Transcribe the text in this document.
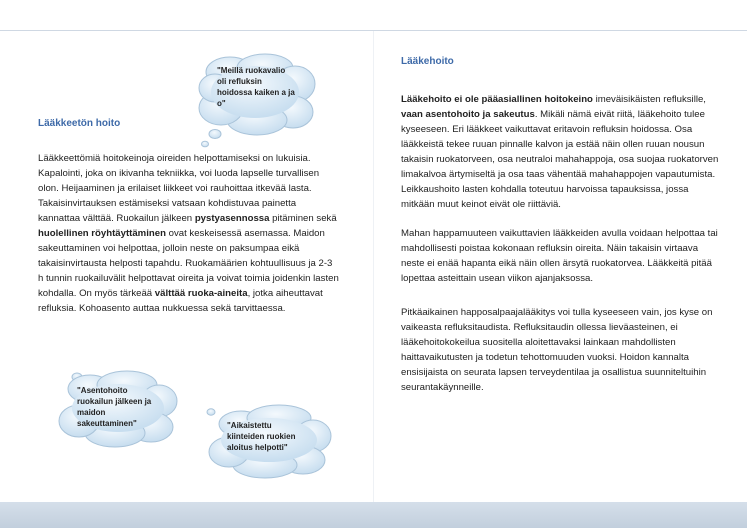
Lääkkeetön hoito

Lääkkeettömiä hoitokeinoja oireiden helpottamiseksi on lukuisia. Kapalointi, joka on ikivanha tekniikka, voi luoda lapselle turvallisen olon. Heijaaminen ja erilaiset liikkeet voi rauhoittaa itkevää lasta. Takaisinvirtauksen estämiseksi vatsaan kohdistuvaa painetta kannattaa välttää. Ruokailun jälkeen pystyasennossa pitäminen sekä huolellinen röyhtäyttäminen ovat keskeisessä asemassa. Maidon sakeuttaminen voi helpottaa, jolloin neste on paksumpaa eikä takaisinvirtausta helposti tapahdu. Ruokamäärien kohtuullisuus ja 2-3 h tunnin ruokailuvälit helpottavat oireita ja voivat toimia joidenkin lasten kohdalla. On myös tärkeää välttää ruoka-aineita, jotka aiheuttavat refluksia. Kohoasento auttaa nukkuessa sekä tarvittaessa.

"Meillä ruokavalio oli refluksin hoidossa kaiken a ja o"
"Asentohoito ruokailun jälkeen ja maidon sakeuttaminen"	"Aikaistettu kiinteiden ruokien aloitus helpotti"
Lääkehoito

Lääkehoito ei ole pääasiallinen hoitokeino imeväisikäisten refluksille, vaan asentohoito ja sakeutus. Mikäli nämä eivät riitä, lääkehoito tulee kyseeseen. Eri lääkkeet vaikuttavat eritavoin refluksin hoidossa. Osa lääkkeistä tekee ruuan pinnalle kalvon ja estää näin ollen ruuan nousun takaisin ruokatorveen, osa neutraloi mahahappoja, osa suojaa ruokatorven limakalvoa ärtymiseltä ja osa taas vähentää mahahappojen vapautumista. Leikkaushoito lasten kohdalla toteutuu harvoissa tapauksissa, jossa mitkään muut keinot eivät ole riittäviä.

Mahan happamuuteen vaikuttavien lääkkeiden avulla voidaan helpottaa tai mahdollisesti poistaa kokonaan refluksin oireita. Näin takaisin virtaava neste ei enää hapanta eikä näin ollen ärsytä ruokatorvea. Lääkkeitä pitää lopettaa asteittain usean viikon ajanjaksossa.

Pitkäaikainen happosalpaajalääkitys voi tulla kyseeseen vain, jos kyse on vaikeasta refluksitaudista. Refluksitaudin ollessa lieväasteinen, ei lääkehoitokokeilua suositella aloitettavaksi lainkaan mahdollisten haittavaikutusten ja todetun tehottomuuden vuoksi. Hoidon kannalta ensisijaista on seurata lapsen terveydentilaa ja osallistua suunniteltuihin seurantakäynneille.
